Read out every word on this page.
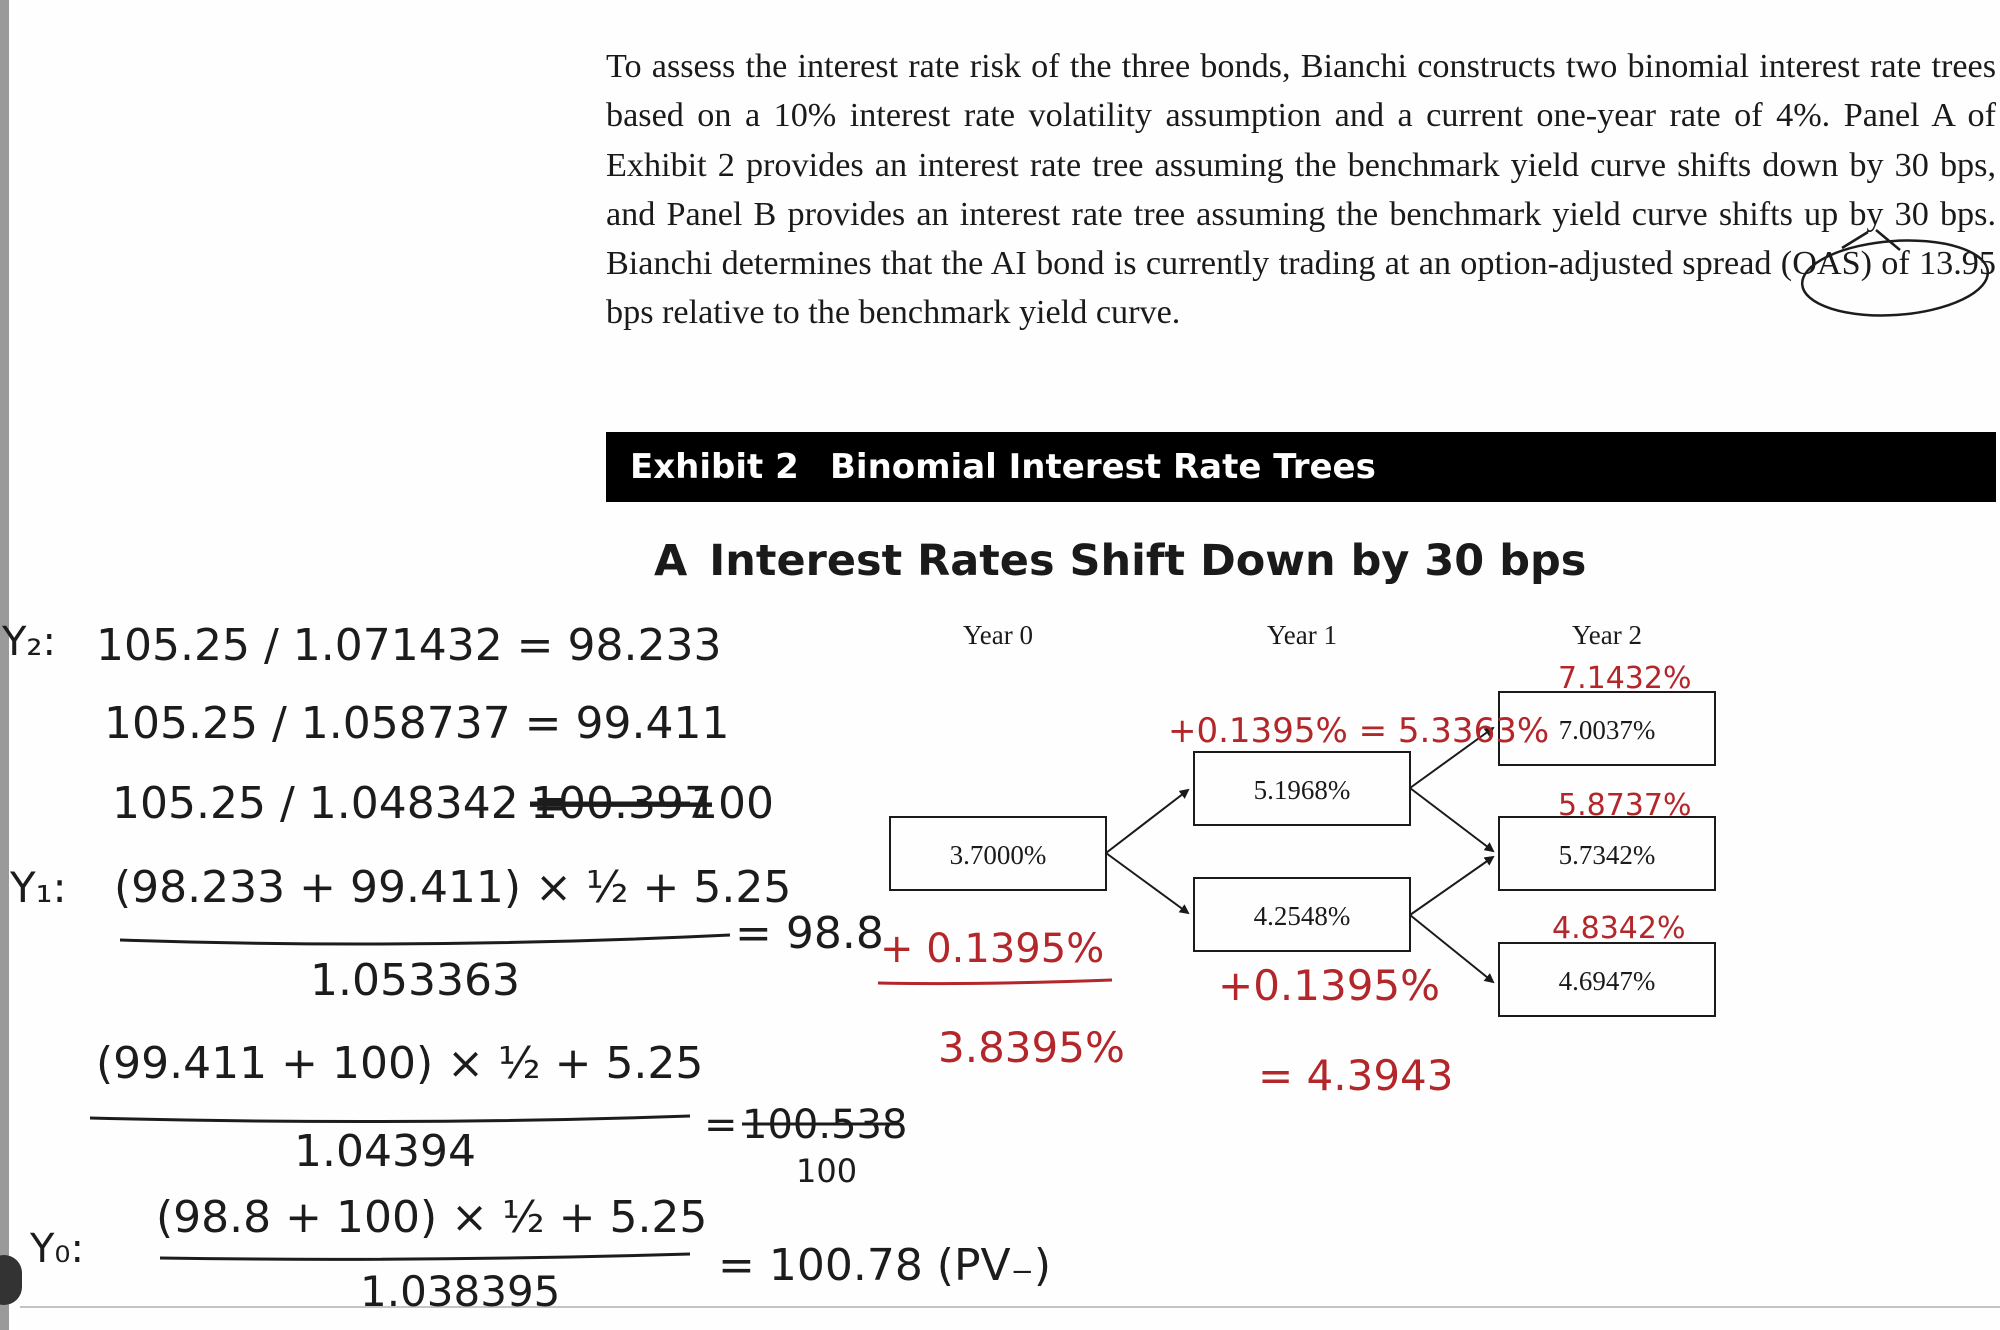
To assess the interest rate risk of the three bonds, Bianchi constructs two binomial interest rate trees based on a 10% interest rate volatility assumption and a current one-year rate of 4%. Panel A of Exhibit 2 provides an interest rate tree assuming the benchmark yield curve shifts down by 30 bps, and Panel B provides an interest rate tree assuming the benchmark yield curve shifts up by 30 bps. Bianchi determines that the AI bond is currently trading at an option-adjusted spread (OAS) of 13.95 bps relative to the benchmark yield curve.

Exhibit 2 Binomial Interest Rate Trees
A Interest Rates Shift Down by 30 bps
Year 0	Year 1	Year 2
3.7000%
5.1968%
4.2548%
7.0037%
5.7342%
4.6947%
Y₂: 105.25 / 1.071432 = 98.233
105.25 / 1.058737 = 99.411
105.25 / 1.048342 =
100.397
100
Y₁: (98.233 + 99.411) × ½ + 5.25
= 98.8
1.053363
(99.411 + 100) × ½ + 5.25
= 100.538
100
1.04394
Y₀:
(98.8 + 100) × ½ + 5.25
= 100.78 (PV₋)
1.038395
+ 0.1395%
3.8395%
+0.1395% = 5.3363%
+0.1395%
= 4.3943
7.1432%
5.8737%
4.8342%
